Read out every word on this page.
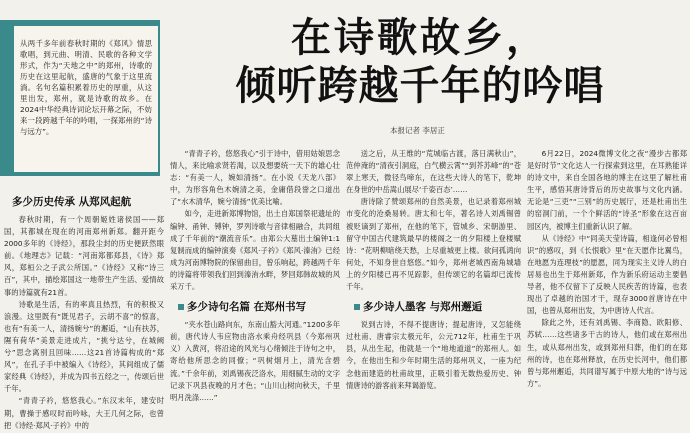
从两千多年前春秋时期的《郑风》情思歌唱，到元曲、明清、民歌的各种文学形式，作为“天地之中”的郑州，诗歌的历史在这里起航，盛唐的气象于这里流淌。名句名篇积累着历史的厚重，从这里出发，郑州，就是诗歌的故乡。在2024中华经典诗词论坛开幕之际，不妨来一段跨越千年的吟唱，一探郑州的“诗与远方”。

在诗歌故乡，
倾听跨越千年的吟唱
本报记者 李居正
多少历史传承 从郑风起航

春秋时期，有一个周朝姬姓诸侯国——郑国，其都城在现在的河南郑州新郑。翻开距今2000多年的《诗经》，那段尘封的历史便跃然眼前。《地理志》记载：“河南郑都郑县，《诗》郑风，郑桓公之子武公所国。”《诗经》又称“诗三百”，其中，描绘郑国这一地带生产生活、爱情故事的诗篇就有21首。

诗歌是生活，有的率真且热烈，有的积极又浪漫。这里既有“既见君子，云胡不喜”的惊喜，也有“有美一人，清扬婉兮”的邂逅，“山有扶苏，隰有荷华”美景走进成片，“挑兮达兮，在城阙兮”思念离别且回味……这21首诗篇构成的“郑风”，在孔子手中被编入《诗经》，其间组成了儒家经典《诗经》，并成为四书五经之一，传颂后世千年。

“青青子衿，悠悠我心。”东汉末年，建安时期，曹操于感叹时而吟咏，大王几何之际，也曾把《诗经·郑风·子衿》中的

“青青子衿，悠悠我心”引于诗中，借用姑娘思念情人，来比喻求贤若渴，以及想要统一天下的雄心壮志：“有美一人，婉如清扬”。在小说《天龙八部》中，为形容角色木婉清之美，金庸借段誉之口道出了“水木清华，婉兮清扬”优美比喻。

如今，走进新郑博物馆，出土自郑国祭祀遗址的编钟、甬钟、镈钟，罗列诗歌与音律相融合，共同组成了千年前的“潮流音乐”。由郑公大墓出土编钟1:1复制而成的编钟演奏《郑风·子衿》《郑风·溱洧》已经成为河南博物院的保留曲目，曾乐响起，跨越两千年的诗篇将带领我们回到溱洧水畔，梦回郑韩故城的风采万千。

多少诗句名篇 在郑州书写

“夹水苍山路向东，东南山豁大河通。”1200多年前，唐代诗人韦应物由洛水乘舟经巩县（今郑州巩义）入黄河，将沿途的风光与心绪倾注于诗句之中，寄给他所思念的同僚；“巩树烟月上，清光含碧流。”千余年前，刘禹锡夜泛洛水，用细腻生动的文字记录下巩县夜晚的月才色；“山川山树向秋天，千里明月洗涤……”

送之后，从王维的“荒城临古渡，落日满秋山”，范仲淹的“清夜引洞庭，白气横云霄”“到芥苏峰”的“苍翠上寒天，微径鸟啼东，在这些大诗人的笔下，乾坤在身世的中岳嵩山展尽‘千姿百态’……

唐诗除了赞颂郑州的自然美景，也记录着郑州城市变化的沧桑易转。唐太和七年，著名诗人刘禹锡曾被贬谪到了郑州，在他的笔下，管城乡、宋朝游里、留守中国古代建筑最早的楼阁之一的夕阳楼上登楼赋诗：“花明柳暗绕天愁，上尽重城更上楼。欲问孤鸿向何处，不知身世自悠悠。”如今，郑州老城西南角城墙上的夕阳楼已再不见踪影，但传颂它的名篇却已流传千年。

多少诗人墨客 与郑州邂逅

说到古诗，不得不提唐诗；提起唐诗，又怎能绕过杜甫、唐睿宗太极元年，公元712年，杜甫生于巩县，从出生起，他就是一个“地地道道”的郑州人。如今，在他出生和少年时期生活的郑州巩义，一座为纪念他而建造的杜甫故里，正吸引着无数热爱历史、钟情唐诗的游客前来拜谒游览。

6月22日，2024微博文化之夜“漫步古都郑是好时节”文化达人一行探索到这里，在耳熟能详的诗文中，来自全国各地的博主在这里了解杜甫生平，感悟其唐诗背后的历史故事与文化内涵。无论是“三吏”“三别”的历史展厅，还是杜甫出生的窑洞门前，一个个鲜活的“诗圣”形象在这百亩园区内，被博主们重新认识了解。

从《诗经》中“同美天莹诗篇，相逢何必曾相识”的感叹，到《长恨歌》里“在天愿作比翼鸟，在地愿为连理枝”的愿愿，同为现实主义诗人的白居易也出生于郑州新郑，作为新乐府运动主要倡导者，他不仅留下了反映人民疾苦的诗篇，也表现出了卓越的治国才干，现存3000首唐诗在中国，也曾从郑州出发，为中唐诗人代言。

除此之外，还有刘禹锡、李商隐、欧阳修、苏轼……这些诸多干古的诗人，他们或在郑州出生，或从郑州出发，或到郑州归葬，他们的在郑州的诗，也在郑州释放，在历史长河中，他们都曾与郑州邂逅，共同谱写属于中原大地的“诗与远方”。
